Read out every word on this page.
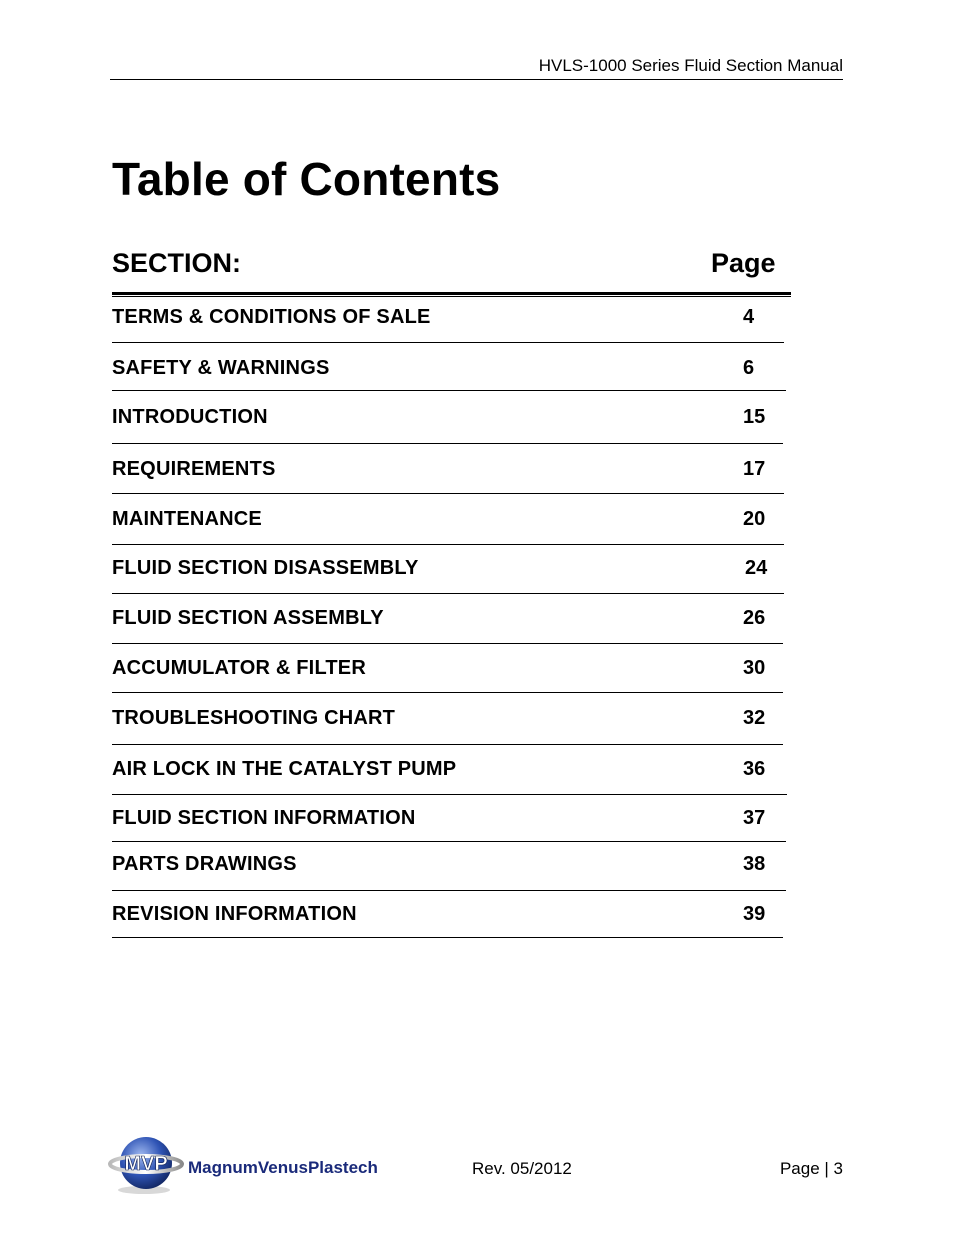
HVLS-1000 Series Fluid Section Manual
Table of Contents
SECTION:	Page
TERMS & CONDITIONS OF SALE	4
SAFETY & WARNINGS	6
INTRODUCTION	15
REQUIREMENTS	17
MAINTENANCE	20
FLUID SECTION DISASSEMBLY	24
FLUID SECTION ASSEMBLY	26
ACCUMULATOR & FILTER	30
TROUBLESHOOTING CHART	32
AIR LOCK IN THE CATALYST PUMP	36
FLUID SECTION INFORMATION	37
PARTS DRAWINGS	38
REVISION INFORMATION	39
MVP MagnumVenusPlastech	Rev. 05/2012	Page | 3
